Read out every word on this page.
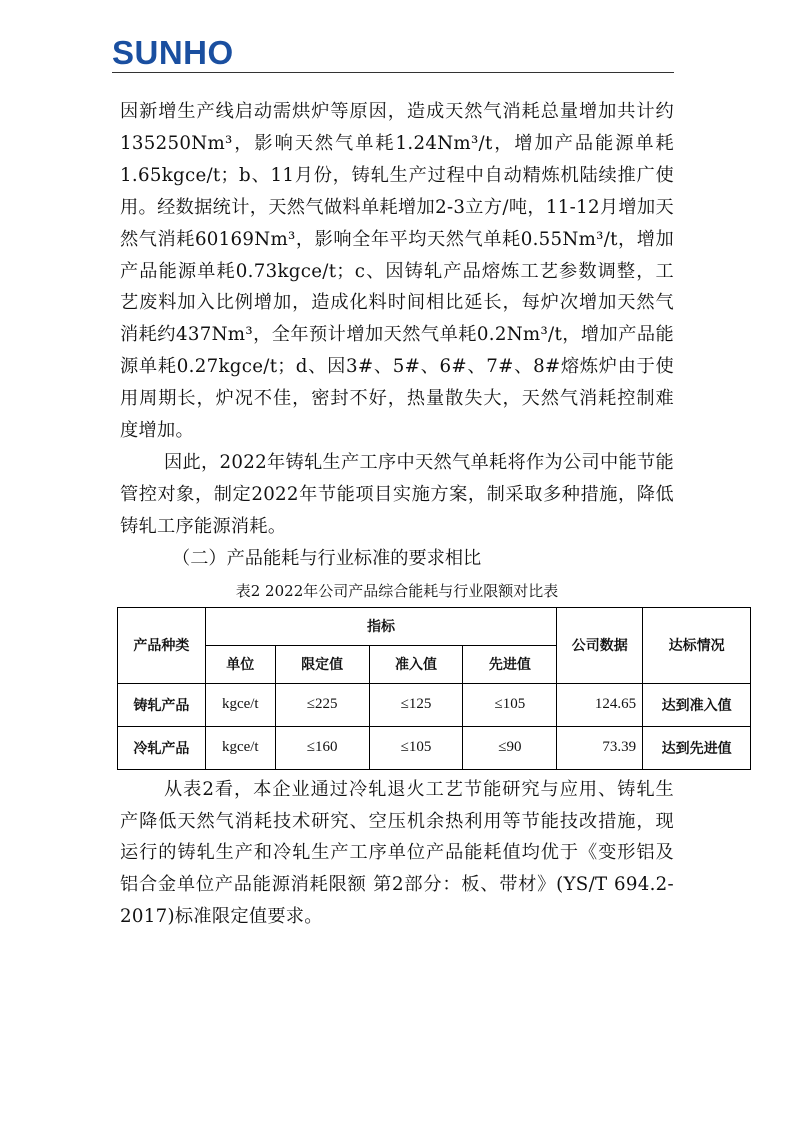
SUNHO

因新增生产线启动需烘炉等原因，造成天然气消耗总量增加共计约135250Nm³，影响天然气单耗1.24Nm³/t，增加产品能源单耗1.65kgce/t；b、11月份，铸轧生产过程中自动精炼机陆续推广使用。经数据统计，天然气做料单耗增加2-3立方/吨，11-12月增加天然气消耗60169Nm³，影响全年平均天然气单耗0.55Nm³/t，增加产品能源单耗0.73kgce/t；c、因铸轧产品熔炼工艺参数调整，工艺废料加入比例增加，造成化料时间相比延长，每炉次增加天然气消耗约437Nm³，全年预计增加天然气单耗0.2Nm³/t，增加产品能源单耗0.27kgce/t；d、因3#、5#、6#、7#、8#熔炼炉由于使用周期长，炉况不佳，密封不好，热量散失大，天然气消耗控制难度增加。

因此，2022年铸轧生产工序中天然气单耗将作为公司中能节能管控对象，制定2022年节能项目实施方案，制采取多种措施，降低铸轧工序能源消耗。

（二）产品能耗与行业标准的要求相比

表2 2022年公司产品综合能耗与行业限额对比表
产品种类	指标				公司数据	达标情况
	单位	限定值	准入值	先进值		
铸轧产品	kgce/t	≤225	≤125	≤105	124.65	达到准入值
冷轧产品	kgce/t	≤160	≤105	≤90	73.39	达到先进值

从表2看，本企业通过冷轧退火工艺节能研究与应用、铸轧生产降低天然气消耗技术研究、空压机余热利用等节能技改措施，现运行的铸轧生产和冷轧生产工序单位产品能耗值均优于《变形铝及铝合金单位产品能源消耗限额 第2部分：板、带材》(YS/T 694.2-2017)标准限定值要求。
